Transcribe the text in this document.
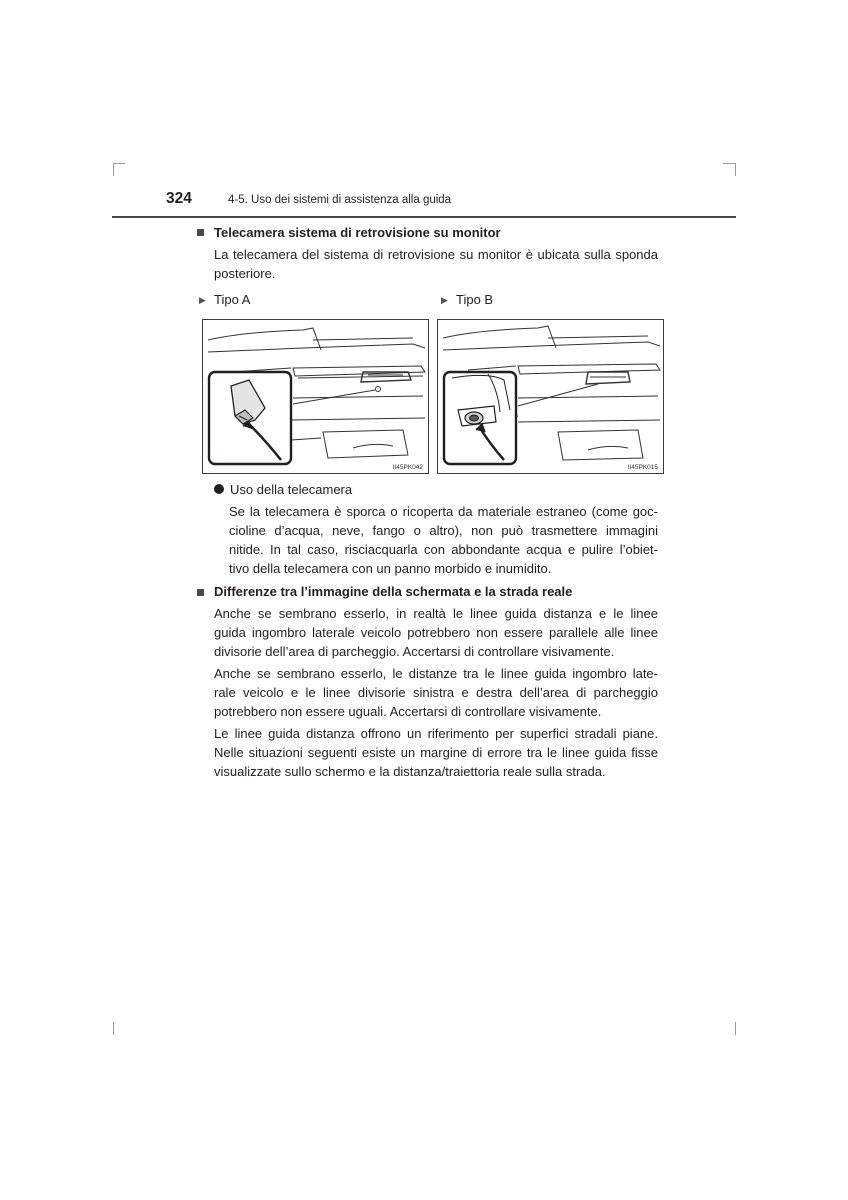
324	4-5. Uso dei sistemi di assistenza alla guida
Telecamera sistema di retrovisione su monitor

La telecamera del sistema di retrovisione su monitor è ubicata sulla sponda posteriore.

▶ Tipo A	▶ Tipo B
II45PK042	II45PK015
Uso della telecamera
Se la telecamera è sporca o ricoperta da materiale estraneo (come goc-
cioline d’acqua, neve, fango o altro), non può trasmettere immagini
nitide. In tal caso, risciacquarla con abbondante acqua e pulire l’obiet-
tivo della telecamera con un panno morbido e inumidito.
Differenze tra l’immagine della schermata e la strada reale
Anche se sembrano esserlo, in realtà le linee guida distanza e le linee
guida ingombro laterale veicolo potrebbero non essere parallele alle linee
divisorie dell’area di parcheggio. Accertarsi di controllare visivamente.
Anche se sembrano esserlo, le distanze tra le linee guida ingombro late-
rale veicolo e le linee divisorie sinistra e destra dell’area di parcheggio
potrebbero non essere uguali. Accertarsi di controllare visivamente.
Le linee guida distanza offrono un riferimento per superfici stradali piane.
Nelle situazioni seguenti esiste un margine di errore tra le linee guida fisse
visualizzate sullo schermo e la distanza/traiettoria reale sulla strada.
